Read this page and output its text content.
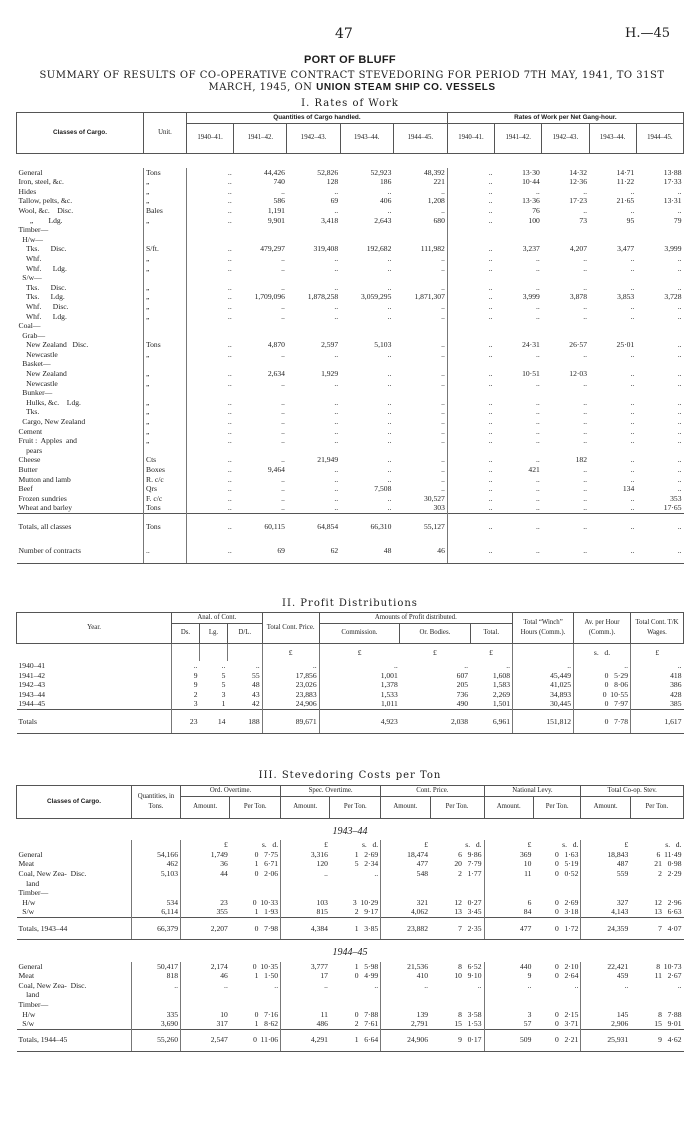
47	H.—45
PORT OF BLUFF
SUMMARY OF RESULTS OF CO-OPERATIVE CONTRACT STEVEDORING FOR PERIOD 7TH MAY, 1941, TO 31ST MARCH, 1945, ON UNION STEAM SHIP CO. VESSELS
I. Rates of Work
Classes of Cargo.	Unit.	Quantities of Cargo handled.					Rates of Work per Net Gang-hour.				
		1940–41.	1941–42.	1942–43.	1943–44.	1944–45.	1940–41.	1941–42.	1942–43.	1943–44.	1944–45.

General	Tons	..	44,426	52,826	52,923	48,392	..	13·30	14·32	14·71	13·88
Iron, steel, &c.	„	..	740	128	186	221	..	10·44	12·36	11·22	17·33
Hides	„	..	..	..	..	..	..	..	..	..	..
Tallow, pelts, &c.	„	..	586	69	406	1,208	..	13·36	17·23	21·65	13·31
Wool, &c.    Disc.	Bales	..	1,191	..	..	..	..	76	..	..	..
„        Ldg.	„	..	9,901	3,418	2,643	680	..	100	73	95	79
Timber—											
H/w—											
Tks.      Disc.	S/ft.	..	479,297	319,408	192,682	111,982	..	3,237	4,207	3,477	3,999
Whf.	„	..	..	..	..	..	..	..	..	..	..
Whf.      Ldg.	„	..	..	..	..	..	..	..	..	..	..
S/w—											
Tks.      Disc.	„	..	..	..	..	..	..	..	..	..	..
Tks.      Ldg.	„	..	1,709,096	1,878,258	3,059,295	1,871,307	..	3,999	3,878	3,853	3,728
Whf.      Disc.	„	..	..	..	..	..	..	..	..	..	..
Whf.      Ldg.	„	..	..	..	..	..	..	..	..	..	..
Coal—											
Grab—											
New Zealand   Disc.	Tons	..	4,870	2,597	5,103	..	..	24·31	26·57	25·01	..
Newcastle	„	..	..	..	..	..	..	..	..	..	..
Basket—											
New Zealand	„	..	2,634	1,929	..	..	..	10·51	12·03	..	..
Newcastle	„	..	..	..	..	..	..	..	..	..	..
Bunker—											
Hulks, &c.    Ldg.	„	..	..	..	..	..	..	..	..	..	..
Tks.	„	..	..	..	..	..	..	..	..	..	..
Cargo, New Zealand	„	..	..	..	..	..	..	..	..	..	..
Cement	„	..	..	..	..	..	..	..	..	..	..
Fruit :  Apples  and	„	..	..	..	..	..	..	..	..	..	..
pears											
Cheese	Cts	..	..	21,949	..	..	..	..	182	..	..
Butter	Boxes	..	9,464	..	..	..	..	421	..	..	..
Mutton and lamb	R. c/c	..	..	..	..	..	..	..	..	..	..
Beef	Qrs	..	..	..	7,508	..	..	..	..	134	..
Frozen sundries	F. c/c	..	..	..	..	30,527	..	..	..	..	353
Wheat and barley	Tons	..	..	..	..	303	..	..	..	..	17·65
Totals, all classes	Tons	..	60,115	64,854	66,310	55,127	..	..	..	..	..
Number of contracts	..	..	69	62	48	46	..	..	..	..	..
II. Profit Distributions
Year.	Anal. of Cont.			Total Cont. Price.	Amounts of Profit distributed.			Total “Winch” Hours (Comm.).	Av. per Hour (Comm.).	Total Cont. T/K Wages.
	Ds.	Lg.	D/L.		Commission.	Or. Bodies.	Total.			
				£	£	£	£		s.   d.	£
1940–41	..	..	..	..	..	..	..	..	..	..
1941–42	9	5	55	17,856	1,001	607	1,608	45,449	0   5·29	418
1942–43	9	5	48	23,026	1,378	205	1,583	41,025	0   8·06	386
1943–44	2	3	43	23,883	1,533	736	2,269	34,893	0  10·55	428
1944–45	3	1	42	24,906	1,011	490	1,501	30,445	0   7·97	385
Totals	23	14	188	89,671	4,923	2,038	6,961	151,812	0   7·78	1,617
III. Stevedoring Costs per Ton
Classes of Cargo.	Quantities, in Tons.	Ord. Overtime.		Spec. Overtime.		Cont. Price.		National Levy.		Total Co-op. Stev.	
		Amount.	Per Ton.	Amount.	Per Ton.	Amount.	Per Ton.	Amount.	Per Ton.	Amount.	Per Ton.
1943–44											
		£	s.   d.	£	s.   d.	£	s.   d.	£	s.   d.	£	s.   d.
General	54,166	1,749	0   7·75	3,316	1   2·69	18,474	6   9·86	369	0   1·63	18,843	6  11·49
Meat	462	36	1   6·71	120	5   2·34	477	20   7·79	10	0   5·19	487	21   0·98
Coal, New Zea-  Disc.	5,103	44	0   2·06	..	..	548	2   1·77	11	0   0·52	559	2   2·29
land											
Timber—											
H/w	534	23	0  10·33	103	3  10·29	321	12   0·27	6	0   2·69	327	12   2·96
S/w	6,114	355	1   1·93	815	2   9·17	4,062	13   3·45	84	0   3·18	4,143	13   6·63
Totals, 1943–44	66,379	2,207	0   7·98	4,384	1   3·85	23,882	7   2·35	477	0   1·72	24,359	7   4·07
1944–45											
General	50,417	2,174	0  10·35	3,777	1   5·98	21,536	8   6·52	440	0   2·10	22,421	8  10·73
Meat	818	46	1   1·50	17	0   4·99	410	10   9·10	9	0   2·64	459	11   2·67
Coal, New Zea-  Disc.	..	..	..	..	..	..	..	..	..	..	..
land											
Timber—											
H/w	335	10	0   7·16	11	0   7·88	139	8   3·58	3	0   2·15	145	8   7·88
S/w	3,690	317	1   8·62	486	2   7·61	2,791	15   1·53	57	0   3·71	2,906	15   9·01
Totals, 1944–45	55,260	2,547	0  11·06	4,291	1   6·64	24,906	9   0·17	509	0   2·21	25,931	9   4·62
